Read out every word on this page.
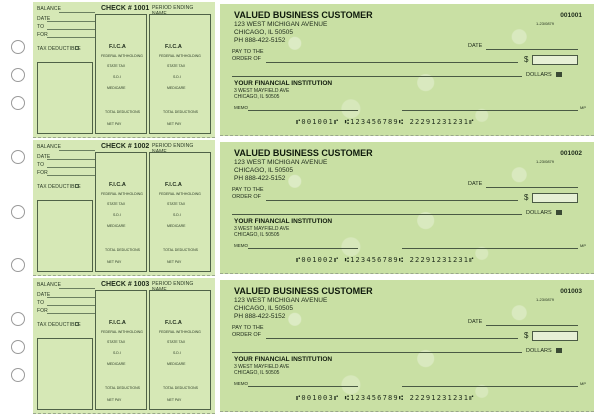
BALANCE	CHECK # 1001 PERIOD ENDING
NAME
DATE
TO
FOR
TAX DEDUCTIBLE	F.I.C.A	F.I.C.A
FEDERAL WITHHOLDING	FEDERAL WITHHOLDING
STATE TAX	STATE TAX
S.D.I	S.D.I
MEDICARE	MEDICARE
TOTAL DEDUCTIONS	TOTAL DEDUCTIONS
NET PAY	NET PAY
VALUED BUSINESS CUSTOMER
123 WEST MICHIGAN AVENUE
CHICAGO, IL 50505
PH 888-422-5152
001001
1-23/0879
DATE
PAY TO THE
ORDER OF	$
DOLLARS
YOUR FINANCIAL INSTITUTION
3 WEST MAYFIELD AVE
CHICAGO, IL 50505
MEMO	MP
⑈001001⑈ ⑆123456789⑆ 22291231231⑈
BALANCE	CHECK # 1002 PERIOD ENDING
NAME
DATE
TO
FOR
TAX DEDUCTIBLE	F.I.C.A	F.I.C.A
FEDERAL WITHHOLDING	FEDERAL WITHHOLDING
STATE TAX	STATE TAX
S.D.I	S.D.I
MEDICARE	MEDICARE
TOTAL DEDUCTIONS	TOTAL DEDUCTIONS
NET PAY	NET PAY
VALUED BUSINESS CUSTOMER
123 WEST MICHIGAN AVENUE
CHICAGO, IL 50505
PH 888-422-5152
001002
1-23/0879
DATE
PAY TO THE
ORDER OF	$
DOLLARS
YOUR FINANCIAL INSTITUTION
3 WEST MAYFIELD AVE
CHICAGO, IL 50505
MEMO	MP
⑈001002⑈ ⑆123456789⑆ 22291231231⑈
BALANCE	CHECK # 1003 PERIOD ENDING
NAME
DATE
TO
FOR
TAX DEDUCTIBLE	F.I.C.A	F.I.C.A
FEDERAL WITHHOLDING	FEDERAL WITHHOLDING
STATE TAX	STATE TAX
S.D.I	S.D.I
MEDICARE	MEDICARE
TOTAL DEDUCTIONS	TOTAL DEDUCTIONS
NET PAY	NET PAY
VALUED BUSINESS CUSTOMER
123 WEST MICHIGAN AVENUE
CHICAGO, IL 50505
PH 888-422-5152
001003
1-23/0879
DATE
PAY TO THE
ORDER OF	$
DOLLARS
YOUR FINANCIAL INSTITUTION
3 WEST MAYFIELD AVE
CHICAGO, IL 50505
MEMO	MP
⑈001003⑈ ⑆123456789⑆ 22291231231⑈
